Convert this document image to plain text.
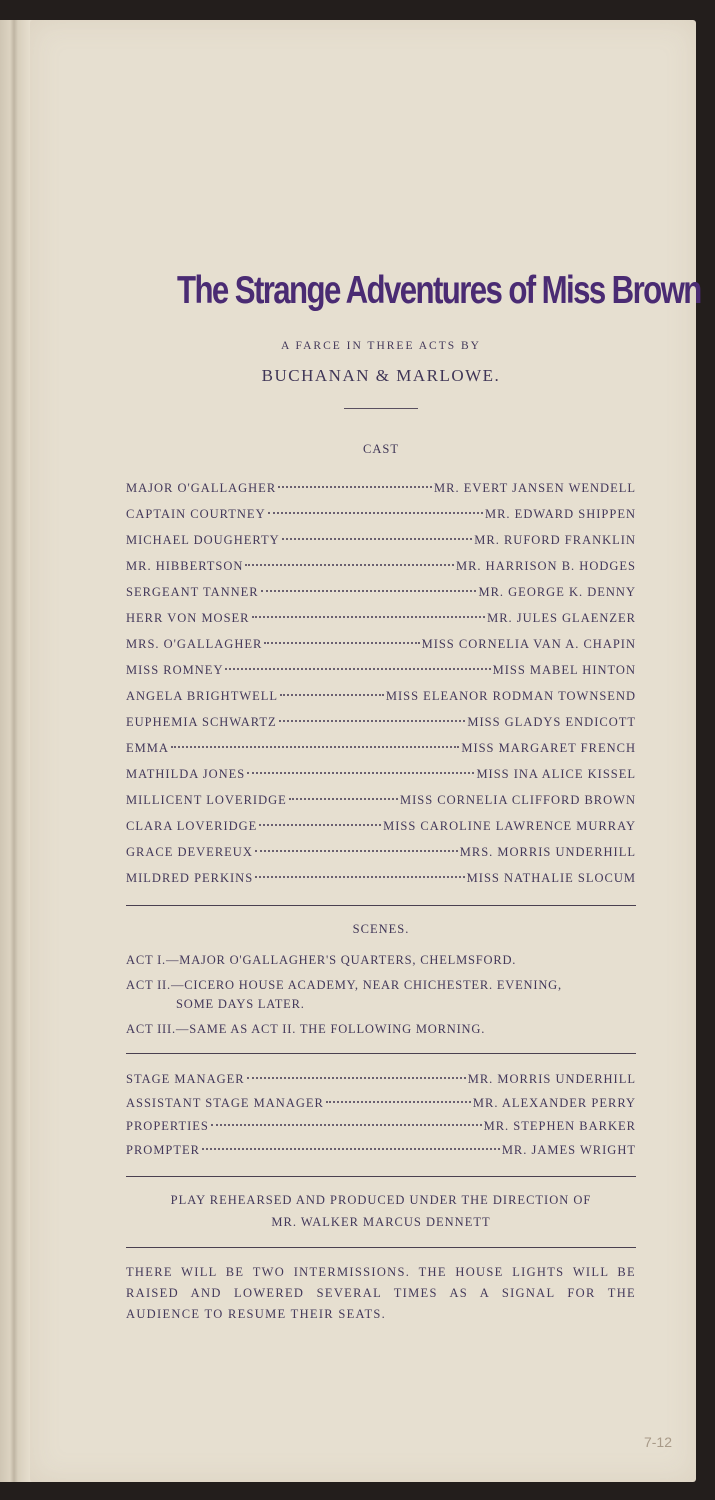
The Strange Adventures of Miss Brown
A FARCE IN THREE ACTS BY
BUCHANAN & MARLOWE.
CAST
MAJOR O'GALLAGHER	MR. EVERT JANSEN WENDELL
CAPTAIN COURTNEY	MR. EDWARD SHIPPEN
MICHAEL DOUGHERTY	MR. RUFORD FRANKLIN
MR. HIBBERTSON	MR. HARRISON B. HODGES
SERGEANT TANNER	MR. GEORGE K. DENNY
HERR VON MOSER	MR. JULES GLAENZER
MRS. O'GALLAGHER	MISS CORNELIA VAN A. CHAPIN
MISS ROMNEY	MISS MABEL HINTON
ANGELA BRIGHTWELL	MISS ELEANOR RODMAN TOWNSEND
EUPHEMIA SCHWARTZ	MISS GLADYS ENDICOTT
EMMA	MISS MARGARET FRENCH
MATHILDA JONES	MISS INA ALICE KISSEL
MILLICENT LOVERIDGE	MISS CORNELIA CLIFFORD BROWN
CLARA LOVERIDGE	MISS CAROLINE LAWRENCE MURRAY
GRACE DEVEREUX	MRS. MORRIS UNDERHILL
MILDRED PERKINS	MISS NATHALIE SLOCUM
SCENES.
ACT I.—MAJOR O'GALLAGHER'S QUARTERS, CHELMSFORD.
ACT II.—CICERO HOUSE ACADEMY, NEAR CHICHESTER. EVENING,
SOME DAYS LATER.
ACT III.—SAME AS ACT II. THE FOLLOWING MORNING.
STAGE MANAGER	MR. MORRIS UNDERHILL
ASSISTANT STAGE MANAGER	MR. ALEXANDER PERRY
PROPERTIES	MR. STEPHEN BARKER
PROMPTER	MR. JAMES WRIGHT
PLAY REHEARSED AND PRODUCED UNDER THE DIRECTION OF
MR. WALKER MARCUS DENNETT
THERE WILL BE TWO INTERMISSIONS. THE HOUSE LIGHTS WILL BE RAISED AND LOWERED SEVERAL TIMES AS A SIGNAL FOR THE AUDIENCE TO RESUME THEIR SEATS.
7-12
